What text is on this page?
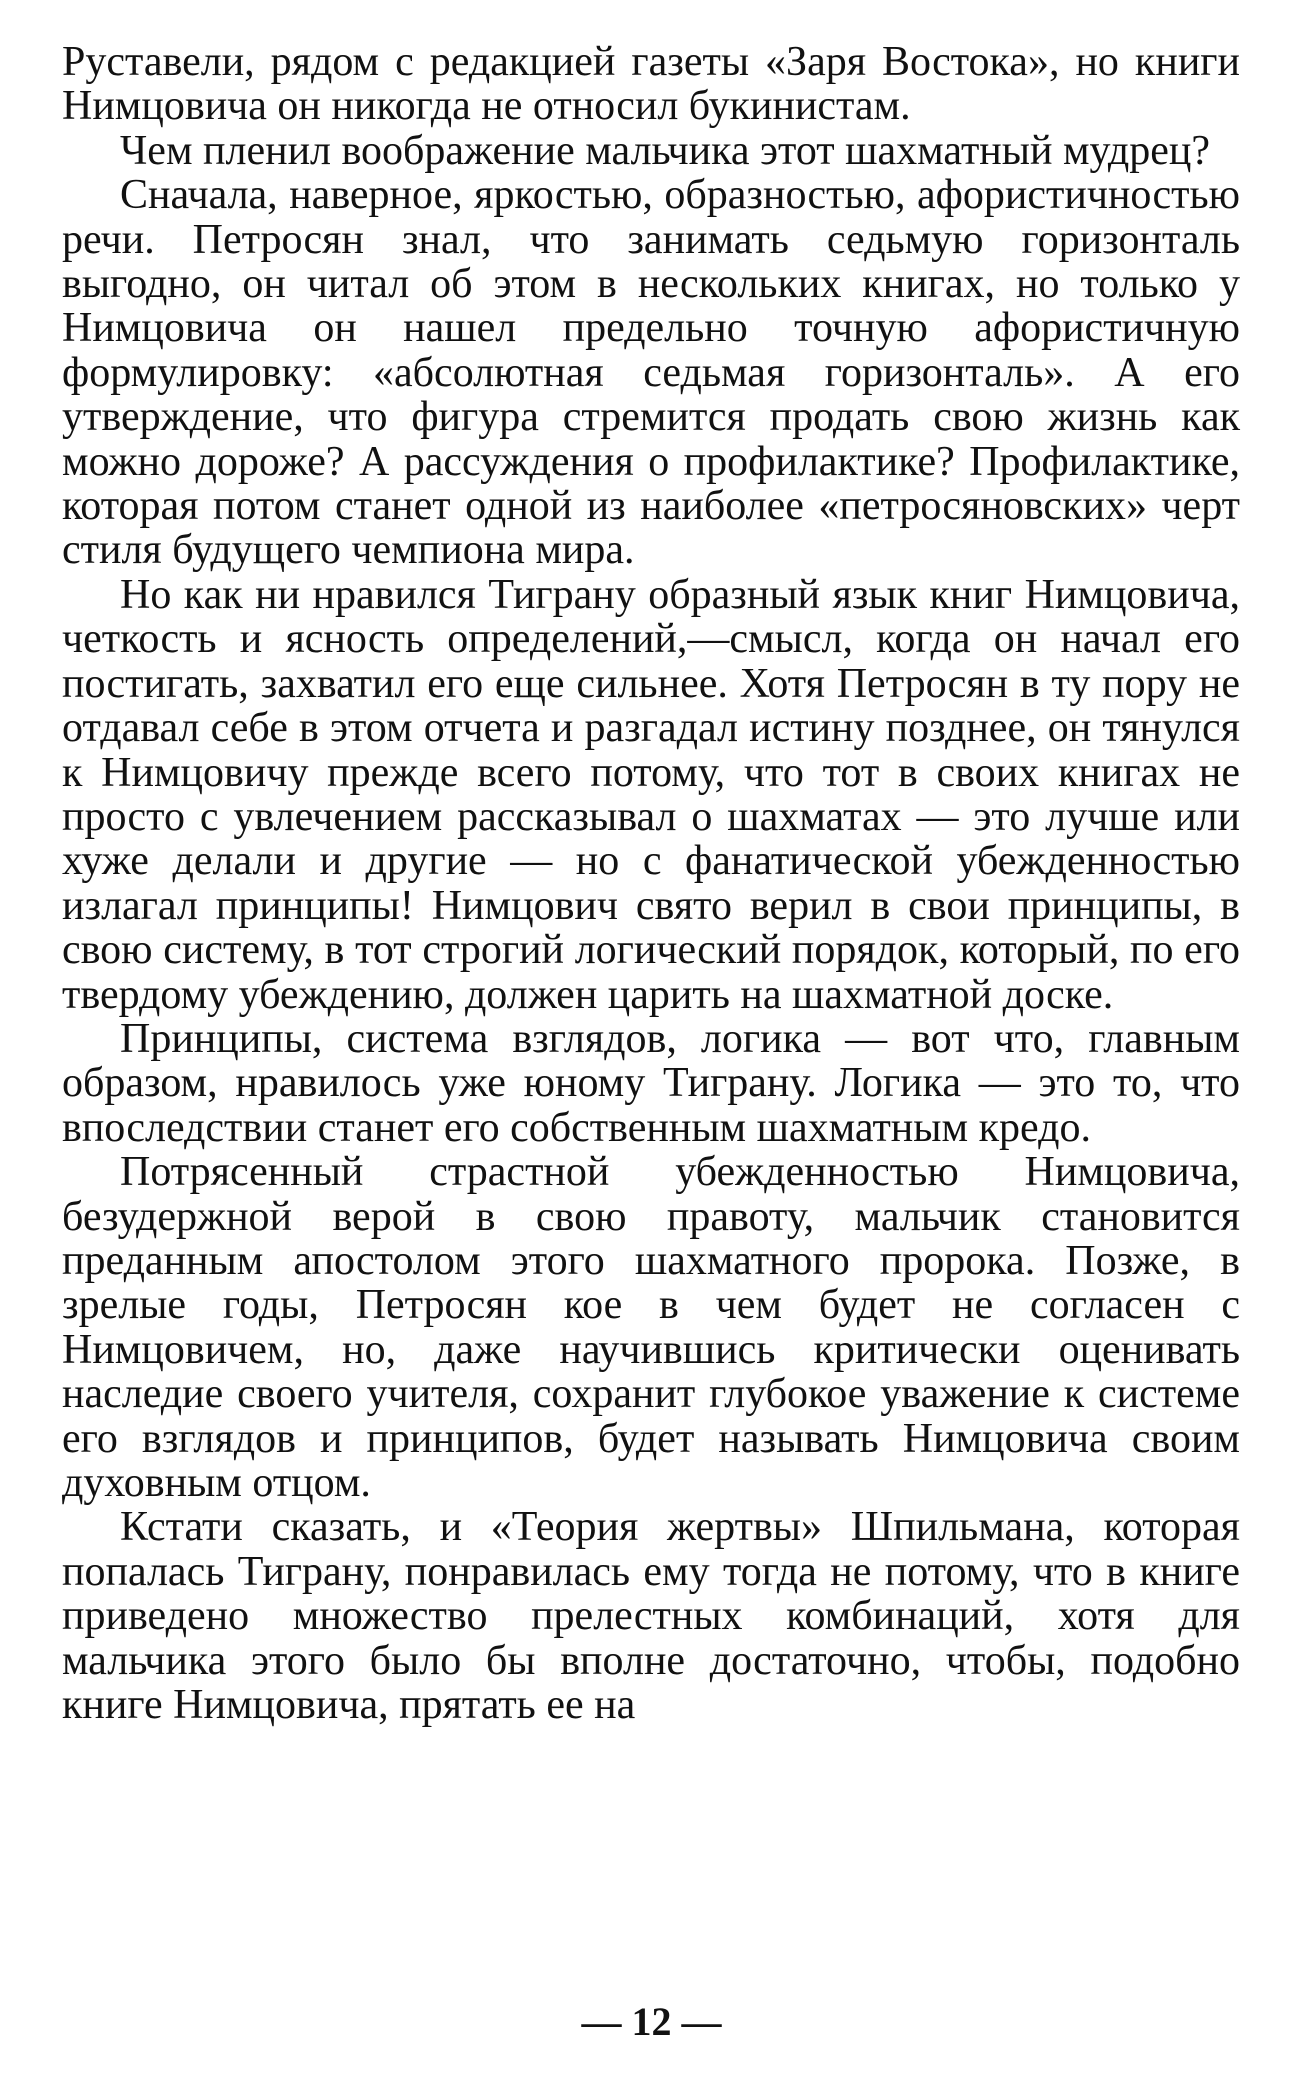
Руставели, рядом с редакцией газеты «Заря Востока», но книги Нимцовича он никогда не относил букинистам.

Чем пленил воображение мальчика этот шахматный мудрец?

Сначала, наверное, яркостью, образностью, афористичностью речи. Петросян знал, что занимать седьмую горизонталь выгодно, он читал об этом в нескольких книгах, но только у Нимцовича он нашел предельно точную афористичную формулировку: «абсолютная седьмая горизонталь». А его утверждение, что фигура стремится продать свою жизнь как можно дороже? А рассуждения о профилактике? Профилактике, которая потом станет одной из наиболее «петросяновских» черт стиля будущего чемпиона мира.

Но как ни нравился Тиграну образный язык книг Нимцовича, четкость и ясность определений,—смысл, когда он начал его постигать, захватил его еще сильнее. Хотя Петросян в ту пору не отдавал себе в этом отчета и разгадал истину позднее, он тянулся к Нимцовичу прежде всего потому, что тот в своих книгах не просто с увлечением рассказывал о шахматах — это лучше или хуже делали и другие — но с фанатической убежденностью излагал принципы! Нимцович свято верил в свои принципы, в свою систему, в тот строгий логический порядок, который, по его твердому убеждению, должен царить на шахматной доске.

Принципы, система взглядов, логика — вот что, главным образом, нравилось уже юному Тиграну. Логика — это то, что впоследствии станет его собственным шахматным кредо.

Потрясенный страстной убежденностью Нимцовича, безудержной верой в свою правоту, мальчик становится преданным апостолом этого шахматного пророка. Позже, в зрелые годы, Петросян кое в чем будет не согласен с Нимцовичем, но, даже научившись критически оценивать наследие своего учителя, сохранит глубокое уважение к системе его взглядов и принципов, будет называть Нимцовича своим духовным отцом.

Кстати сказать, и «Теория жертвы» Шпильмана, которая попалась Тиграну, понравилась ему тогда не потому, что в книге приведено множество прелестных комбинаций, хотя для мальчика этого было бы вполне достаточно, чтобы, подобно книге Нимцовича, прятать ее на

— 12 —
